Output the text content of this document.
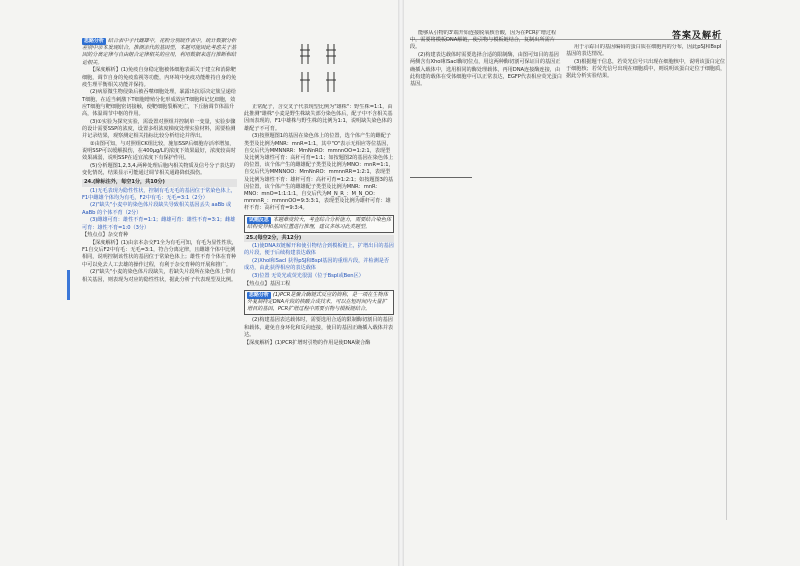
答案及解析
思路分析 结合表中子代雌雄中，花粉分别统作表中，统计数据分析差别中亲本发现结合，推测亲代的基因型，本题可能因此考虑关于基因的分离定律与自由组合定律相关的应用，利用数据来进行推断和结论相关。
【深度解析】(1)免疫自身稳定胞被体细胞表面关于建立和消除靶细胞，调节自身的免疫监视等功能，内环境中免疫功能维持自身的免疫生理平衡相关功能并保持。
(2)病原微生物侵染后被吞噬细胞处理，暴露出抗原决定簇呈递给T细胞，在适当刺激下T细胞增殖分化形成效应T细胞和记忆细胞，效应T细胞与靶细胞密切接触，使靶细胞裂解死亡，下丘脑调节体温升高，体温调节中枢的作用。
(3)①实验为探究实验，需设置对照组并控制单一变量，实验步骤的设计需要SSP的浓度，设置多组浓度梯度处理实验材料，需要检测并记录结果，观察测定相关指标比较分析结论并得出。
②由图可知，与对照组CK组比较，施加SSP后细胞存活率增加，说明SSP可以缓解损伤，在400μg/L的浓度下效果最好，浓度较高时效果减弱，说明SSP在适宜浓度下有保护作用。
(5)分析题图1,2,3,4,两种处理后胞内相关物质及信号分子表达的变化情况，结果显示可能通过调节相关通路降低损伤。
24.(除标注外，每空1分，共10分)
(1)无毛表现为隐性性状，控制有毛无毛的基因位于常染色体上，F1中雌雄个体均为有毛，F2中有毛：无毛=3:1（2分）
(2)"缺失"小麦中的染色体片段缺失导致相关基因丢失 aaBb 或 AaBb 的个体不育（2分）
(3)雌雄可育：雄性不育=1:1；雌雄可育：雄性不育=3:1；雌雄可育：雄性不育=1:0（3分）
【热点点】杂交育种
【深度解析】(1)由亲本杂交F1全为有毛可知，有毛为显性性状，F1自交后F2中有毛：无毛=3:1，符合分离定律，且雌雄个体中比例相同，说明控制该性状的基因位于常染色体上；雄性不育个体在育种中可以免去人工去雄的操作过程，有利于杂交育种的开展和推广。
(2)"缺失"小麦的染色体片段缺失，若缺失片段所在染色体上带有相关基因，则表现为对应的隐性性状，据此分析子代表现型及比例。
正常配子，含交叉子代表现型比例为"雄株"：野生株=1:1，由此推测"雄株"小麦是野生株缺失部分染色体后，配子中不含相关基因而表现的，F1中雄株与野生株的比例为1:1，说明缺失染色体的雄配子不可育。
(3)按照题图1的基因在染色体上的位置，选个体产生的雌配子类型及比例为MNR：mnR=1:1，其中"O"表示无相应等位基因，自交后代为MMNNRR：MmNnRO：mmnnOO=1:2:1，表现型及比例为雄性可育：高秆可育=1:1；如按题图2的基因在染色体上的位置，该个体产生的雌雄配子类型及比例为MNO：mnR=1:1，自交后代为MMNNOO：MmNnRO：mmnnRR=1:2:1，表现型及比例为雄性不育：雄杆可育：高秆可育=1:2:1；如按题图3的基因位置，该个体产生的雌雄配子类型及比例为MNR：mnR：MNO：mnO=1:1:1:1，自交后代为M_N_R_：M_N_OO：mmnnR_：mmnnOO=9:3:3:1，表现型及比例为雄杆可育：雄杆不育：高秆可育=9:3:4。
试题反思 本题难度较大，考查综合分析能力，需要结合染色体结构变异和基因位置进行推理，建议多练习此类题型。
25.(每空2分，共12分)
(1)使DNA双链解开和使引物结合到模板链上，扩增出目的基因的片段，便于后续构建表达载体
(2)XhoⅠ和SacⅠ 获得pSJ和BspⅠ基因的重组片段，并检测是否成功，由此获得相应的表达载体
(3)位置 无荧光或荧光很弱（位于BspⅠ或Ben区）
【热点点】基因工程
思路分析 (1)PCR是聚合酶链式反应的简称，是一项在生物体外复制特定DNA片段的核酸合成技术，可以在短时间内大量扩增目的基因，PCR扩增过程中需要引物与模板链结合。
(2)构建基因表达载体时，需要选用合适的限制酶切割目的基因和载体，避免自身环化和反向连接，使目的基因正确插入载体并表达。
【深度解析】(1)PCR扩增时引物的作用是使DNA聚合酶
能够从引物的3'端开始连接脱氧核苷酸，因为在PCR扩增过程中，需要将模板DNA解链，使引物与模板链结合，复制出所需片段。
(2)构建表达载体时需要选择合适的限制酶，由图可知目的基因两侧含有XhoⅠ和SacⅠ酶切位点，用这两种酶切割可保证目的基因正确插入载体中，选用相同的酶处理载体，再用DNA连接酶连接，由此构建的载体在受体细胞中可以正常表达，EGFP代表相应荧光蛋白基因。
用于示踪目的基因编码的蛋白质在细胞内的分布，因此pSJ和BspⅠ基因的表达情况。
(3)根据题干信息，若荧光信号只出现在细胞核中，说明该蛋白定位于细胞核；若荧光信号出现在细胞质中，则说明该蛋白定位于细胞质，据此分析实验结果。
